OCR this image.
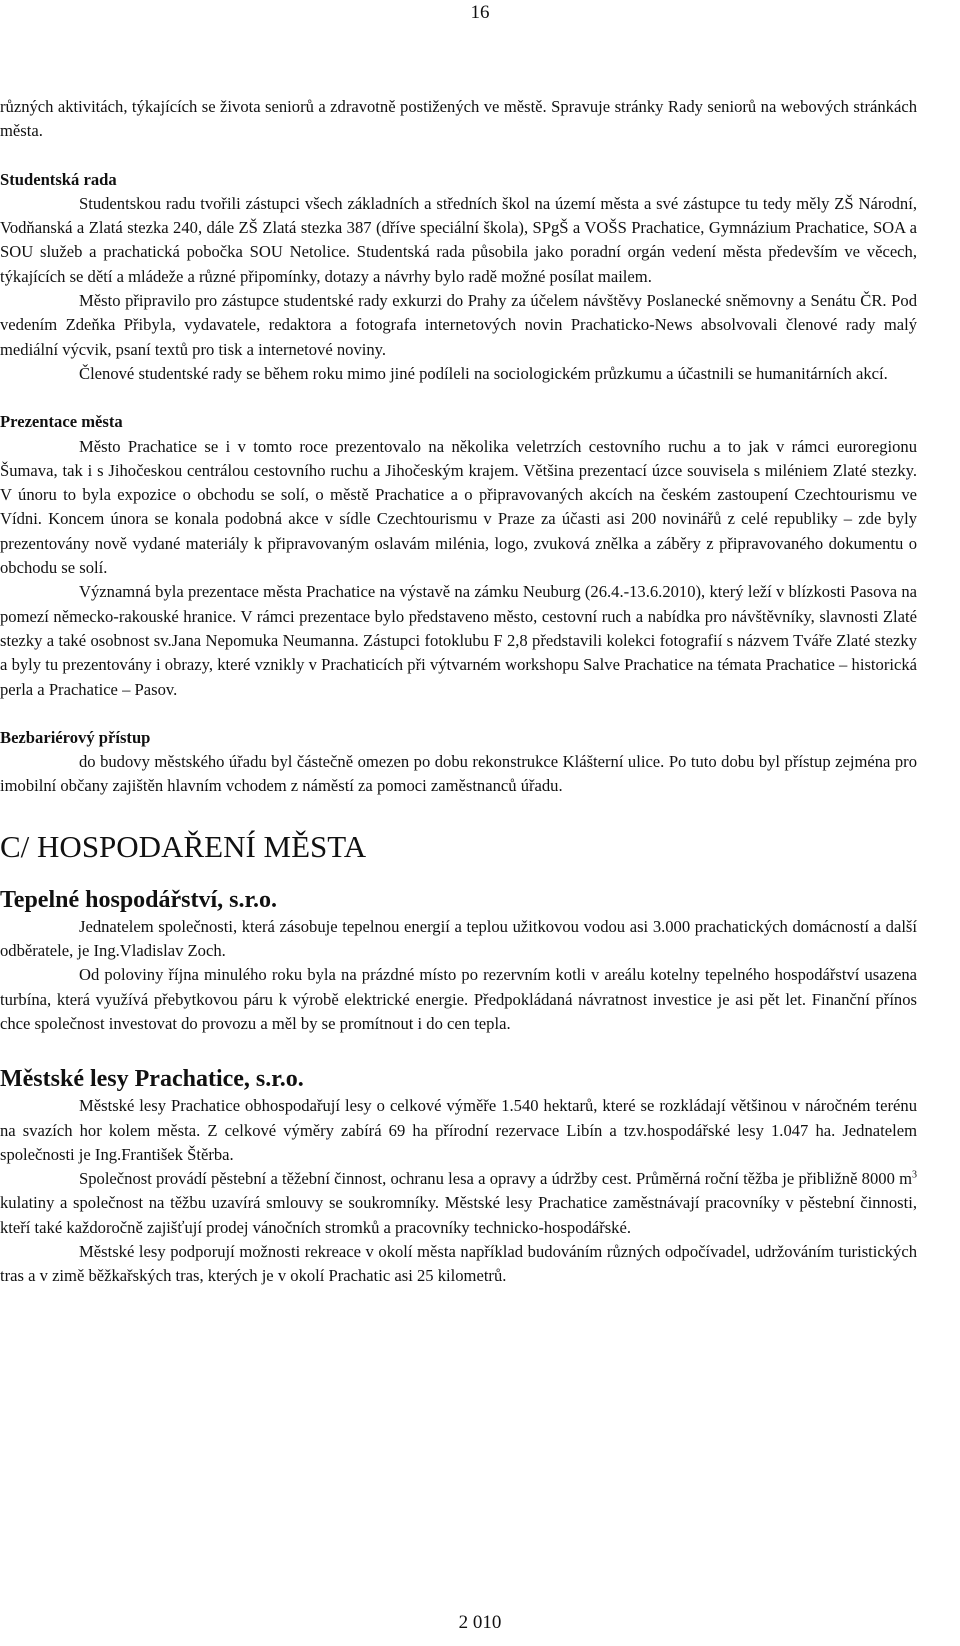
16

různých aktivitách, týkajících se života seniorů a zdravotně postižených ve městě. Spravuje stránky Rady seniorů na webových stránkách města.

Studentská rada

Studentskou radu tvořili zástupci všech základních a středních škol na území města a své zástupce tu tedy měly ZŠ Národní, Vodňanská a Zlatá stezka 240, dále ZŠ Zlatá stezka 387 (dříve speciální škola), SPgŠ a VOŠS Prachatice, Gymnázium Prachatice, SOA a SOU služeb a prachatická pobočka SOU Netolice. Studentská rada působila jako poradní orgán vedení města především ve věcech, týkajících se dětí a mládeže a různé připomínky, dotazy a návrhy bylo radě možné posílat mailem.

Město připravilo pro zástupce studentské rady exkurzi do Prahy za účelem návštěvy Poslanecké sněmovny a Senátu ČR. Pod vedením Zdeňka Přibyla, vydavatele, redaktora a fotografa internetových novin Prachaticko-News absolvovali členové rady malý mediální výcvik, psaní textů pro tisk a internetové noviny.

Členové studentské rady se během roku mimo jiné podíleli na sociologickém průzkumu a účastnili se humanitárních akcí.

Prezentace města

Město Prachatice se i v tomto roce prezentovalo na několika veletrzích cestovního ruchu a to jak v rámci euroregionu Šumava, tak i s Jihočeskou centrálou cestovního ruchu a Jihočeským krajem. Většina prezentací úzce souvisela s miléniem Zlaté stezky. V únoru to byla expozice o obchodu se solí, o městě Prachatice a o připravovaných akcích na českém zastoupení Czechtourismu ve Vídni. Koncem února se konala podobná akce v sídle Czechtourismu v Praze za účasti asi 200 novinářů z celé republiky – zde byly prezentovány nově vydané materiály k připravovaným oslavám milénia, logo, zvuková znělka a záběry z připravovaného dokumentu o obchodu se solí.

Významná byla prezentace města Prachatice na výstavě na zámku Neuburg (26.4.-13.6.2010), který leží v blízkosti Pasova na pomezí německo-rakouské hranice. V rámci prezentace bylo představeno město, cestovní ruch a nabídka pro návštěvníky, slavnosti Zlaté stezky a také osobnost sv.Jana Nepomuka Neumanna. Zástupci fotoklubu F 2,8 představili kolekci fotografií s názvem Tváře Zlaté stezky a byly tu prezentovány i obrazy, které vznikly v Prachaticích při výtvarném workshopu Salve Prachatice na témata Prachatice – historická perla a Prachatice – Pasov.

Bezbariérový přístup

do budovy městského úřadu byl částečně omezen po dobu rekonstrukce Klášterní ulice. Po tuto dobu byl přístup zejména pro imobilní občany zajištěn hlavním vchodem z náměstí za pomoci zaměstnanců úřadu.

C/ HOSPODAŘENÍ MĚSTA
Tepelné hospodářství, s.r.o.

Jednatelem společnosti, která zásobuje tepelnou energií a teplou užitkovou vodou asi 3.000 prachatických domácností a další odběratele, je Ing.Vladislav Zoch.

Od poloviny října minulého roku byla na prázdné místo po rezervním kotli v areálu kotelny tepelného hospodářství usazena turbína, která využívá přebytkovou páru k výrobě elektrické energie. Předpokládaná návratnost investice je asi pět let. Finanční přínos chce společnost investovat do provozu a měl by se promítnout i do cen tepla.

Městské lesy Prachatice, s.r.o.

Městské lesy Prachatice obhospodařují lesy o celkové výměře 1.540 hektarů, které se rozkládají většinou v náročném terénu na svazích hor kolem města. Z celkové výměry zabírá 69 ha přírodní rezervace Libín a tzv.hospodářské lesy 1.047 ha. Jednatelem společnosti je Ing.František Štěrba.

Společnost provádí pěstební a těžební činnost, ochranu lesa a opravy a údržby cest. Průměrná roční těžba je přibližně 8000 $m^3$ kulatiny a společnost na těžbu uzavírá smlouvy se soukromníky. Městské lesy Prachatice zaměstnávají pracovníky v pěstební činnosti, kteří také každoročně zajišťují prodej vánočních stromků a pracovníky technicko-hospodářské.

Městské lesy podporují možnosti rekreace v okolí města například budováním různých odpočívadel, udržováním turistických tras a v zimě běžkařských tras, kterých je v okolí Prachatic asi 25 kilometrů.

2 010
